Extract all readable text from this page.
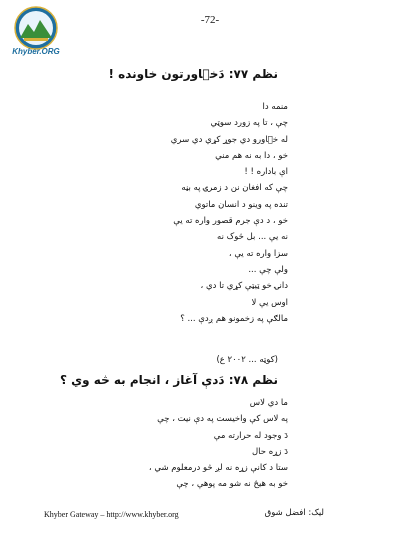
Khyber.ORG
-72-
نظم ۷۷: دَخٙاورتون خاونده !
منمه دا
چې ، تا په زورد سوټي
له خٙاورو دي جوړ کړي دي سري
خو ، دا به نه هم مني
اې باداره ! !
چې که افغان نن د زمرۍ په بڼه
تنده په وينو د انسان ماتوي
خو ، د دې جرم قصور واره ته يې
نه يې ... بل څوک نه
سزا واره ته يې ،
ولې چې ...
دانۍ خو ټيټې کړي تا دي ،
اوس يې لا
مالګې په زخمونو هم ږدې ... ؟
(کوټه ... ۲۰۰۲ ع)
نظم ۷۸: دَدې آغاز ، انجام به څه وي ؟
ما دي لاس
په لاس کې واخيست په دې نيت ، چې
دَ وجود له حرارته مې
دَ زړه حال
ستا د کانې زړه نه لږ څو درمعلوم شي ،
خو به هيڅ نه شو مه پوهې ، چې
Khyber Gateway – http://www.khyber.org	ليک: افضل شوق
